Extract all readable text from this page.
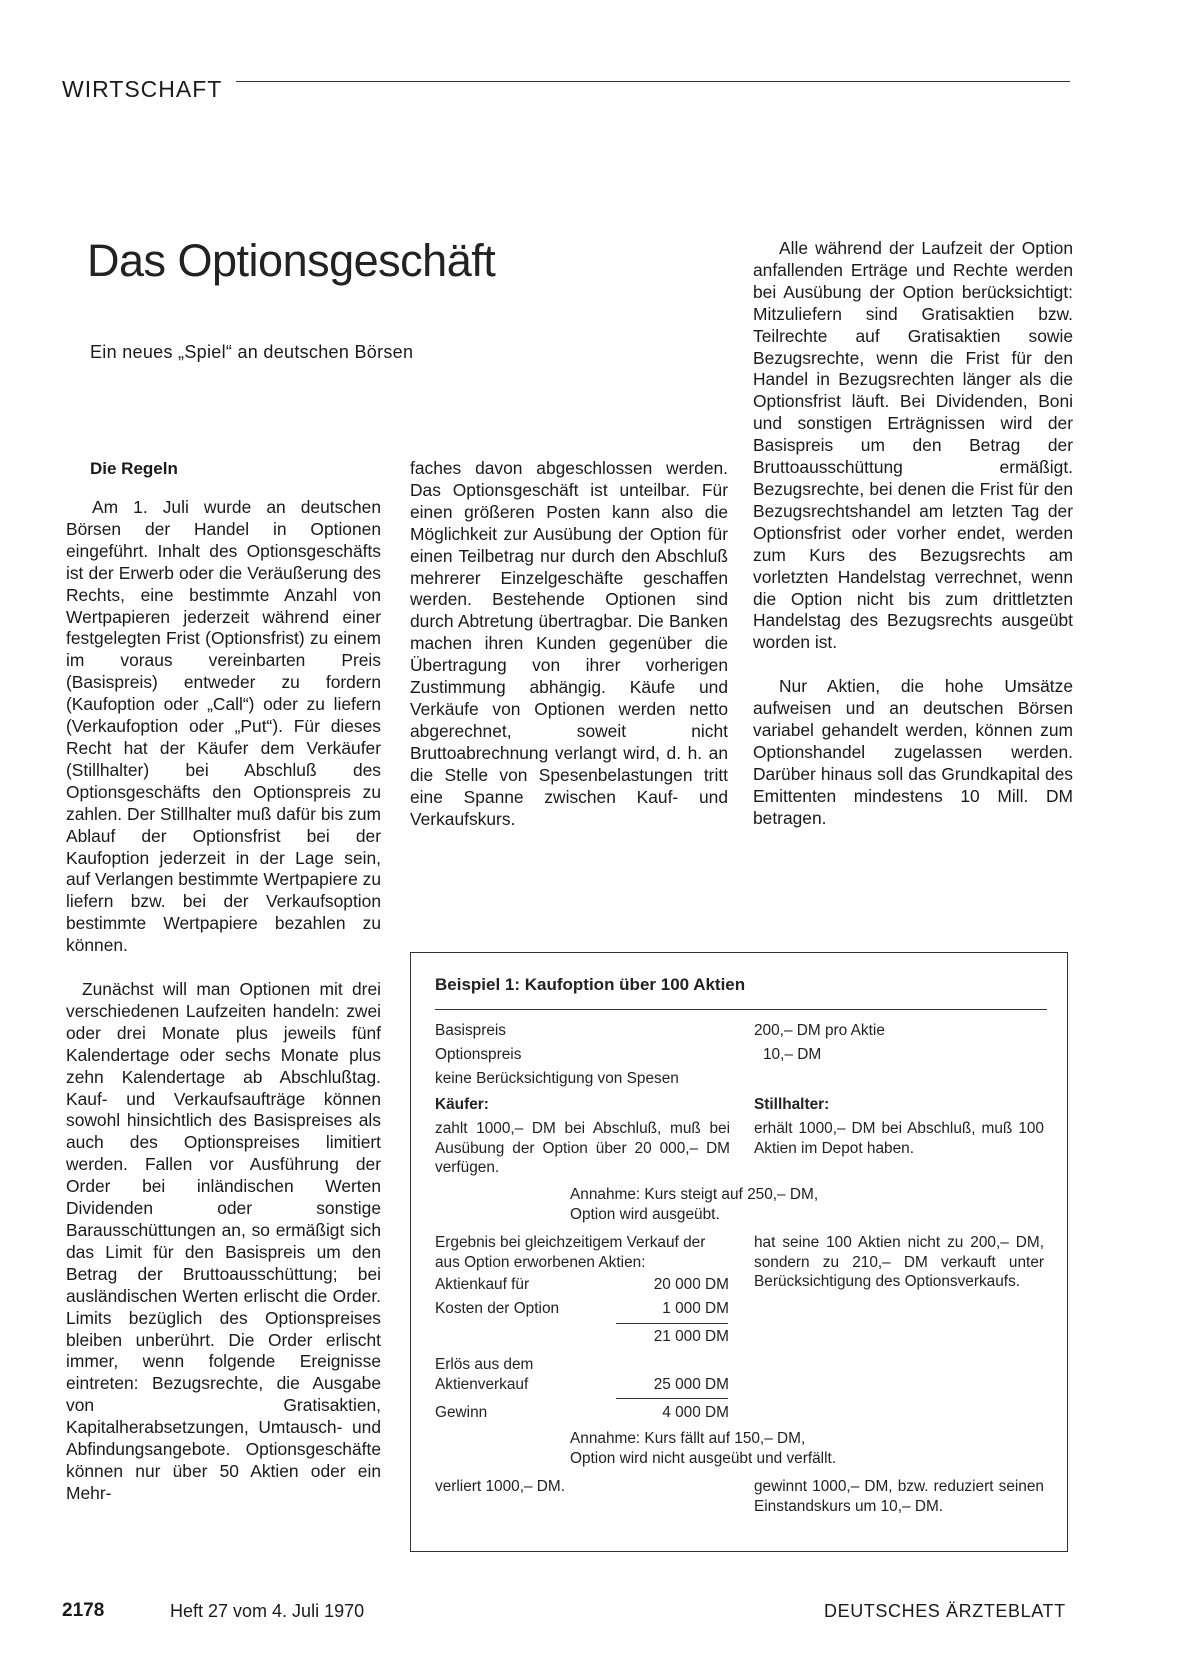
WIRTSCHAFT
Das Optionsgeschäft
Ein neues „Spiel“ an deutschen Börsen
Die Regeln

Am 1. Juli wurde an deutschen Börsen der Handel in Optionen eingeführt. Inhalt des Optionsgeschäfts ist der Erwerb oder die Veräußerung des Rechts, eine bestimmte Anzahl von Wertpapieren jederzeit während einer festgelegten Frist (Optionsfrist) zu einem im voraus vereinbarten Preis (Basispreis) entweder zu fordern (Kaufoption oder „Call“) oder zu liefern (Verkaufoption oder „Put“). Für dieses Recht hat der Käufer dem Verkäufer (Stillhalter) bei Abschluß des Optionsgeschäfts den Optionspreis zu zahlen. Der Stillhalter muß dafür bis zum Ablauf der Optionsfrist bei der Kaufoption jederzeit in der Lage sein, auf Verlangen bestimmte Wertpapiere zu liefern bzw. bei der Verkaufsoption bestimmte Wertpapiere bezahlen zu können.

Zunächst will man Optionen mit drei verschiedenen Laufzeiten handeln: zwei oder drei Monate plus jeweils fünf Kalendertage oder sechs Monate plus zehn Kalendertage ab Abschlußtag. Kauf- und Verkaufsaufträge können sowohl hinsichtlich des Basispreises als auch des Optionspreises limitiert werden. Fallen vor Ausführung der Order bei inländischen Werten Dividenden oder sonstige Barausschüttungen an, so ermäßigt sich das Limit für den Basispreis um den Betrag der Bruttoausschüttung; bei ausländischen Werten erlischt die Order. Limits bezüglich des Optionspreises bleiben unberührt. Die Order erlischt immer, wenn folgende Ereignisse eintreten: Bezugsrechte, die Ausgabe von Gratisaktien, Kapitalherabsetzungen, Umtausch- und Abfindungsangebote. Optionsgeschäfte können nur über 50 Aktien oder ein Mehr-

faches davon abgeschlossen werden. Das Optionsgeschäft ist unteilbar. Für einen größeren Posten kann also die Möglichkeit zur Ausübung der Option für einen Teilbetrag nur durch den Abschluß mehrerer Einzelgeschäfte geschaffen werden. Bestehende Optionen sind durch Abtretung übertragbar. Die Banken machen ihren Kunden gegenüber die Übertragung von ihrer vorherigen Zustimmung abhängig. Käufe und Verkäufe von Optionen werden netto abgerechnet, soweit nicht Bruttoabrechnung verlangt wird, d. h. an die Stelle von Spesenbelastungen tritt eine Spanne zwischen Kauf- und Verkaufskurs.

Alle während der Laufzeit der Option anfallenden Erträge und Rechte werden bei Ausübung der Option berücksichtigt: Mitzuliefern sind Gratisaktien bzw. Teilrechte auf Gratisaktien sowie Bezugsrechte, wenn die Frist für den Handel in Bezugsrechten länger als die Optionsfrist läuft. Bei Dividenden, Boni und sonstigen Erträgnissen wird der Basispreis um den Betrag der Bruttoausschüttung ermäßigt. Bezugsrechte, bei denen die Frist für den Bezugsrechtshandel am letzten Tag der Optionsfrist oder vorher endet, werden zum Kurs des Bezugsrechts am vorletzten Handelstag verrechnet, wenn die Option nicht bis zum drittletzten Handelstag des Bezugsrechts ausgeübt worden ist.

Nur Aktien, die hohe Umsätze aufweisen und an deutschen Börsen variabel gehandelt werden, können zum Optionshandel zugelassen werden. Darüber hinaus soll das Grundkapital des Emittenten mindestens 10 Mill. DM betragen.

Beispiel 1: Kaufoption über 100 Aktien
Basispreis	200,– DM pro Aktie
Optionspreis	10,– DM
keine Berücksichtigung von Spesen
Käufer:	Stillhalter:
zahlt 1000,– DM bei Abschluß, muß bei Ausübung der Option über 20 000,– DM verfügen.
erhält 1000,– DM bei Abschluß, muß 100 Aktien im Depot haben.
Annahme: Kurs steigt auf 250,– DM,
Option wird ausgeübt.
Ergebnis bei gleichzeitigem Verkauf der aus Option erworbenen Aktien:
hat seine 100 Aktien nicht zu 200,– DM, sondern zu 210,– DM verkauft unter Berücksichtigung des Optionsverkaufs.
Aktienkauf für	20 000 DM
Kosten der Option	1 000 DM
21 000 DM
Erlös aus dem
Aktienverkauf	25 000 DM
Gewinn	4 000 DM
Annahme: Kurs fällt auf 150,– DM,
Option wird nicht ausgeübt und verfällt.
verliert 1000,– DM.	gewinnt 1000,– DM, bzw. reduziert seinen Einstandskurs um 10,– DM.
2178	Heft 27 vom 4. Juli 1970	DEUTSCHES ÄRZTEBLATT
